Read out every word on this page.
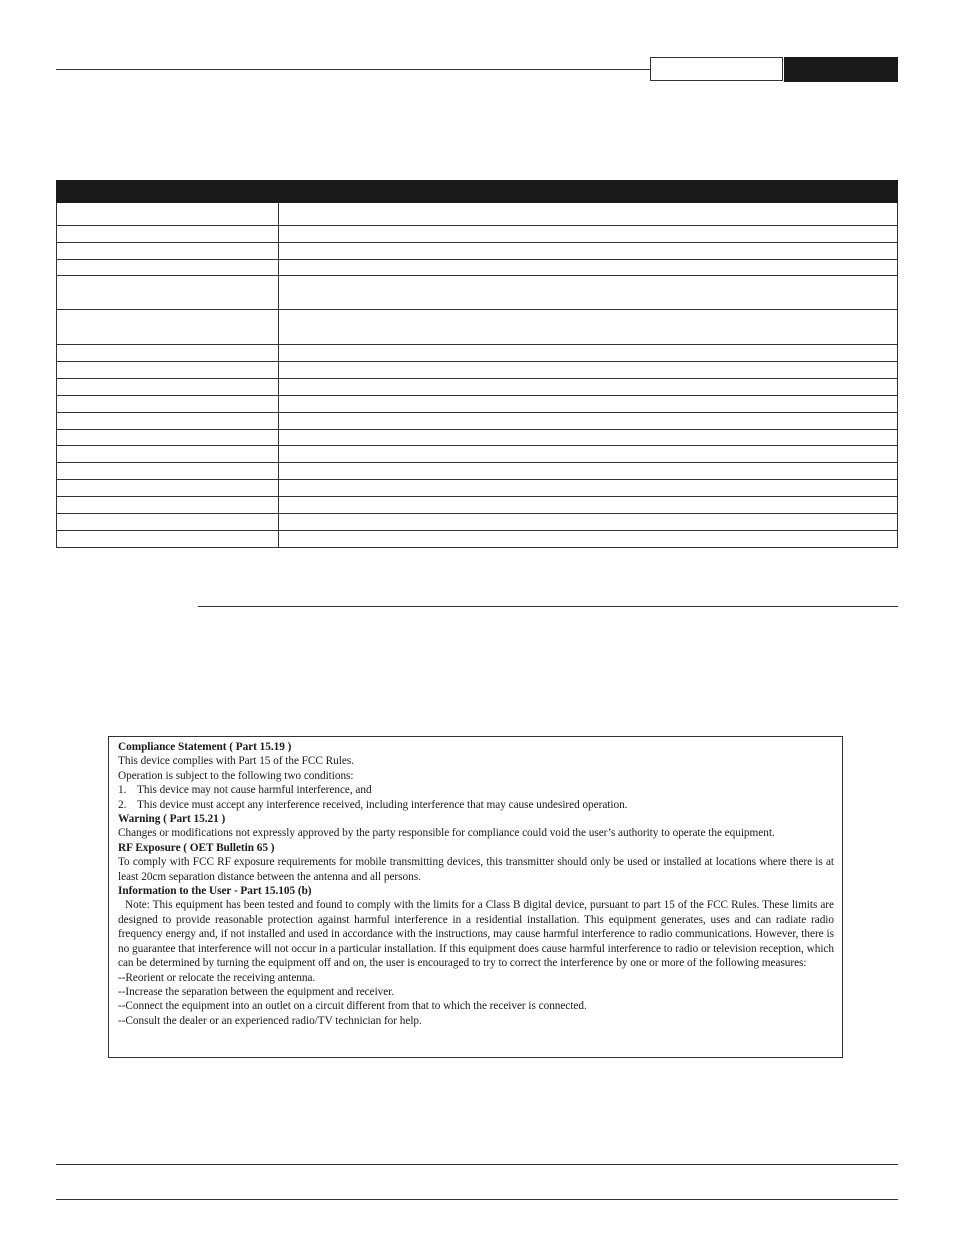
Compliance Statement ( Part 15.19 )
This device complies with Part 15 of the FCC Rules.
Operation is subject to the following two conditions:
1. This device may not cause harmful interference, and
2. This device must accept any interference received, including interference that may cause undesired operation.
Warning ( Part 15.21 )
Changes or modifications not expressly approved by the party responsible for compliance could void the user’s authority to operate the equipment.
RF Exposure ( OET Bulletin 65 )
To comply with FCC RF exposure requirements for mobile transmitting devices, this transmitter should only be used or installed at locations where there is at least 20cm separation distance between the antenna and all persons.
Information to the User - Part 15.105 (b)
Note: This equipment has been tested and found to comply with the limits for a Class B digital device, pursuant to part 15 of the FCC Rules. These limits are designed to provide reasonable protection against harmful interference in a residential installation. This equipment generates, uses and can radiate radio frequency energy and, if not installed and used in accordance with the instructions, may cause harmful interference to radio communications. However, there is no guarantee that interference will not occur in a particular installation. If this equipment does cause harmful interference to radio or television reception, which can be determined by turning the equipment off and on, the user is encouraged to try to correct the interference by one or more of the following measures:
--Reorient or relocate the receiving antenna.
--Increase the separation between the equipment and receiver.
--Connect the equipment into an outlet on a circuit different from that to which the receiver is connected.
--Consult the dealer or an experienced radio/TV technician for help.
